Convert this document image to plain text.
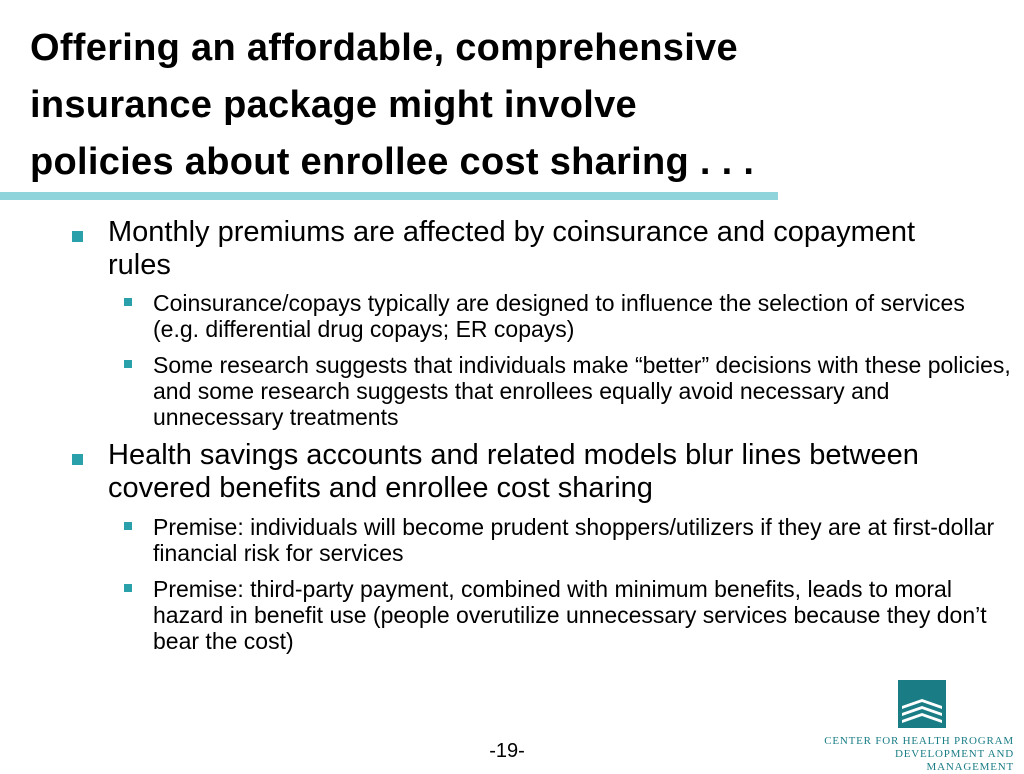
Offering an affordable, comprehensive
insurance package might involve
policies about enrollee cost sharing . . .
Monthly premiums are affected by coinsurance and copayment rules
Coinsurance/copays typically are designed to influence the selection of services (e.g. differential drug copays; ER copays)
Some research suggests that individuals make “better” decisions with these policies, and some research suggests that enrollees equally avoid necessary and unnecessary treatments
Health savings accounts and related models blur lines between covered benefits and enrollee cost sharing
Premise: individuals will become prudent shoppers/utilizers if they are at first-dollar financial risk for services
Premise: third-party payment, combined with minimum benefits, leads to moral hazard in benefit use (people overutilize unnecessary services because they don’t bear the cost)
-19-	CENTER FOR HEALTH PROGRAM
DEVELOPMENT AND MANAGEMENT
